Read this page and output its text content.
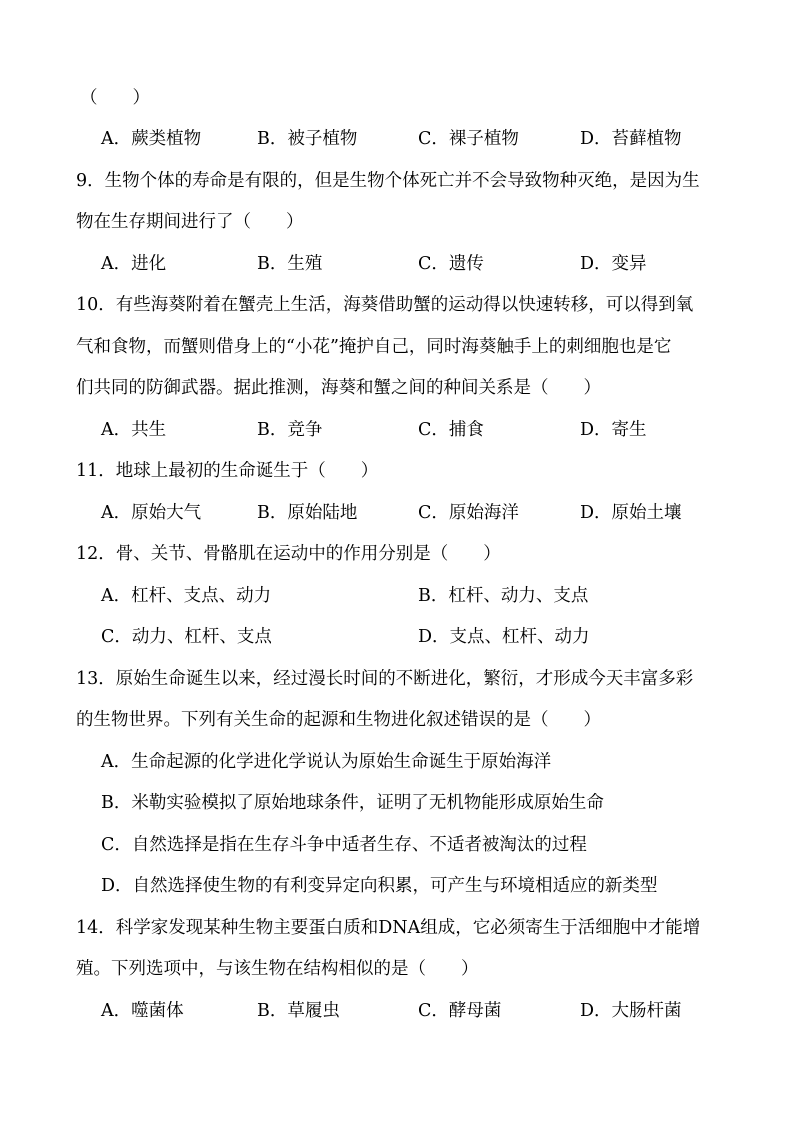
（　　）
A．蕨类植物	B．被子植物	C．裸子植物	D．苔藓植物
9．生物个体的寿命是有限的，但是生物个体死亡并不会导致物种灭绝，是因为生
物在生存期间进行了（　　）
A．进化	B．生殖	C．遗传	D．变异
10．有些海葵附着在蟹壳上生活，海葵借助蟹的运动得以快速转移，可以得到氧
气和食物，而蟹则借身上的“小花”掩护自己，同时海葵触手上的刺细胞也是它
们共同的防御武器。据此推测，海葵和蟹之间的种间关系是（　　）
A．共生	B．竞争	C．捕食	D．寄生
11．地球上最初的生命诞生于（　　）
A．原始大气	B．原始陆地	C．原始海洋	D．原始土壤
12．骨、关节、骨骼肌在运动中的作用分别是（　　）
A．杠杆、支点、动力	B．杠杆、动力、支点
C．动力、杠杆、支点	D．支点、杠杆、动力
13．原始生命诞生以来，经过漫长时间的不断进化，繁衍，才形成今天丰富多彩
的生物世界。下列有关生命的起源和生物进化叙述错误的是（　　）
A．生命起源的化学进化学说认为原始生命诞生于原始海洋
B．米勒实验模拟了原始地球条件，证明了无机物能形成原始生命
C．自然选择是指在生存斗争中适者生存、不适者被淘汰的过程
D．自然选择使生物的有利变异定向积累，可产生与环境相适应的新类型
14．科学家发现某种生物主要蛋白质和DNA组成，它必须寄生于活细胞中才能增
殖。下列选项中，与该生物在结构相似的是（　　）
A．噬菌体	B．草履虫	C．酵母菌	D．大肠杆菌
